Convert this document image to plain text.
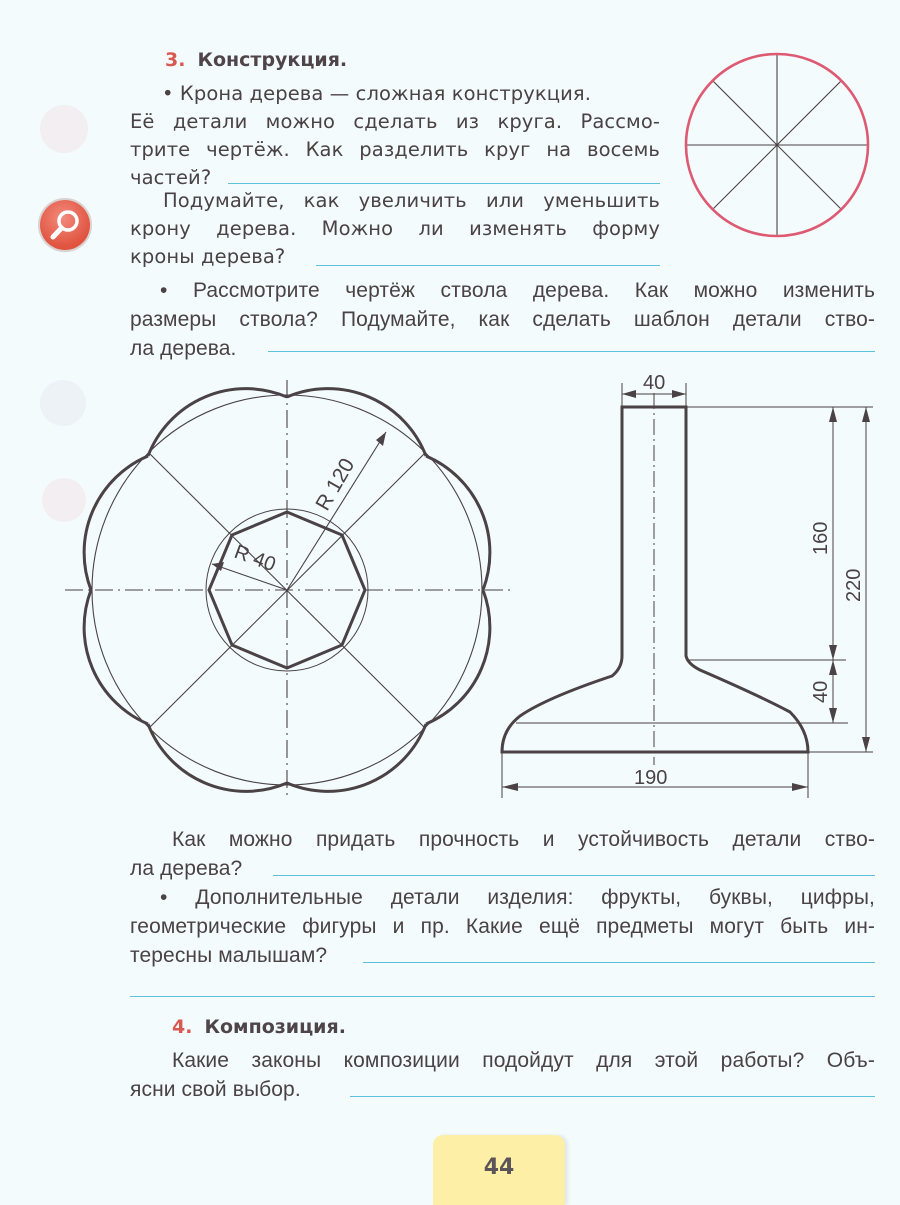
3. Конструкция.
• Крона дерева — сложная конструкция.
Её детали можно сделать из круга. Рассмо-
трите чертёж. Как разделить круг на восемь
частей?
Подумайте, как увеличить или уменьшить
крону дерева. Можно ли изменять форму
кроны дерева?
• Рассмотрите чертёж ствола дерева. Как можно изменить
размеры ствола? Подумайте, как сделать шаблон детали ство-
ла дерева.
R 120
R 40
40
190
160
220
40
Как можно придать прочность и устойчивость детали ство-
ла дерева?
• Дополнительные детали изделия: фрукты, буквы, цифры,
геометрические фигуры и пр. Какие ещё предметы могут быть ин-
тересны малышам?
4. Композиция.
Какие законы композиции подойдут для этой работы? Объ-
ясни свой выбор.
44
